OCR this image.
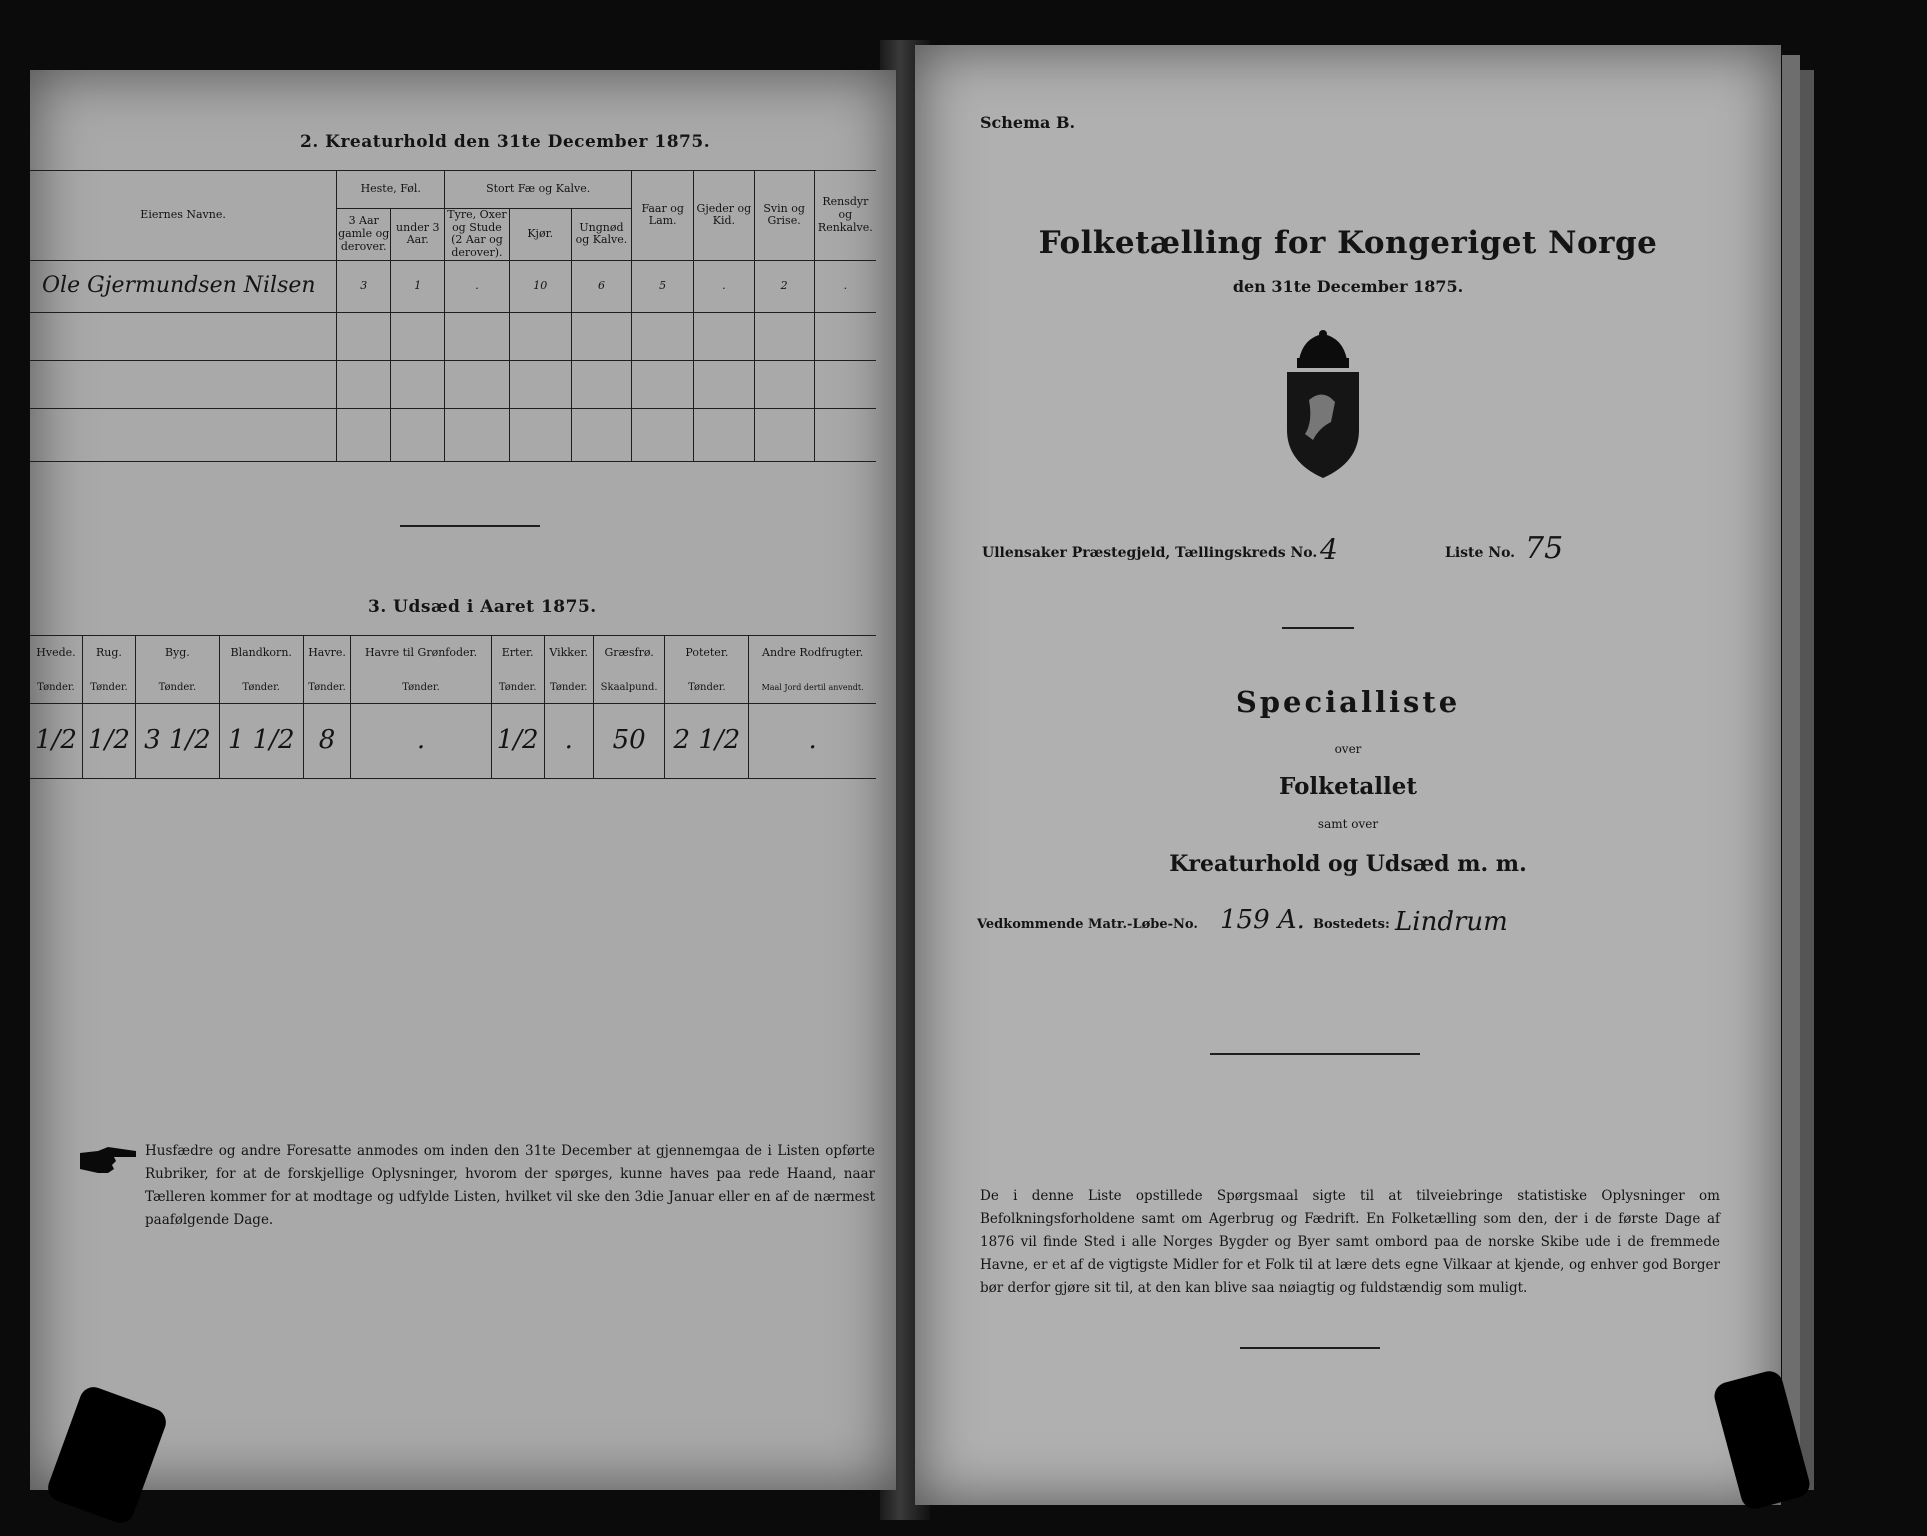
2. Kreaturhold den 31te December 1875.
Eiernes Navne.	Heste, Føl.		Stort Fæ og Kalve.			Faar og Lam.	Gjeder og Kid.	Svin og Grise.	Rensdyr og Renkalve.
	3 Aar gamle og derover.	under 3 Aar.	Tyre, Oxer og Stude (2 Aar og derover).	Kjør.	Ungnød og Kalve.				
Ole Gjermundsen Nilsen	3	1	.	10	6	5	.	2	.

3. Udsæd i Aaret 1875.
Hvede.	Rug.	Byg.	Blandkorn.	Havre.	Havre til Grønfoder.	Erter.	Vikker.	Græsfrø.	Poteter.	Andre Rodfrugter.
Tønder.	Tønder.	Tønder.	Tønder.	Tønder.	Tønder.	Tønder.	Tønder.	Skaalpund.	Tønder.	Maal Jord dertil anvendt.
1/2	1/2	3 1/2	1 1/2	8	.	1/2	.	50	2 1/2	.
Husfædre og andre Foresatte anmodes om inden den 31te December at gjennemgaa de i Listen opførte Rubriker, for at de forskjellige Oplysninger, hvorom der spørges, kunne haves paa rede Haand, naar Tælleren kommer for at modtage og udfylde Listen, hvilket vil ske den 3die Januar eller en af de nærmest paafølgende Dage.
Schema B.
Folketælling for Kongeriget Norge
den 31te December 1875.
Ullensaker Præstegjeld, Tællingskreds No. 4	Liste No. 75
Specialliste
over
Folketallet
samt over
Kreaturhold og Udsæd m. m.
Vedkommende Matr.-Løbe-No. 159 A. Bostedets: Lindrum
De i denne Liste opstillede Spørgsmaal sigte til at tilveiebringe statistiske Oplysninger om Befolkningsforholdene samt om Agerbrug og Fædrift. En Folketælling som den, der i de første Dage af 1876 vil finde Sted i alle Norges Bygder og Byer samt ombord paa de norske Skibe ude i de fremmede Havne, er et af de vigtigste Midler for et Folk til at lære dets egne Vilkaar at kjende, og enhver god Borger bør derfor gjøre sit til, at den kan blive saa nøiagtig og fuldstændig som muligt.
